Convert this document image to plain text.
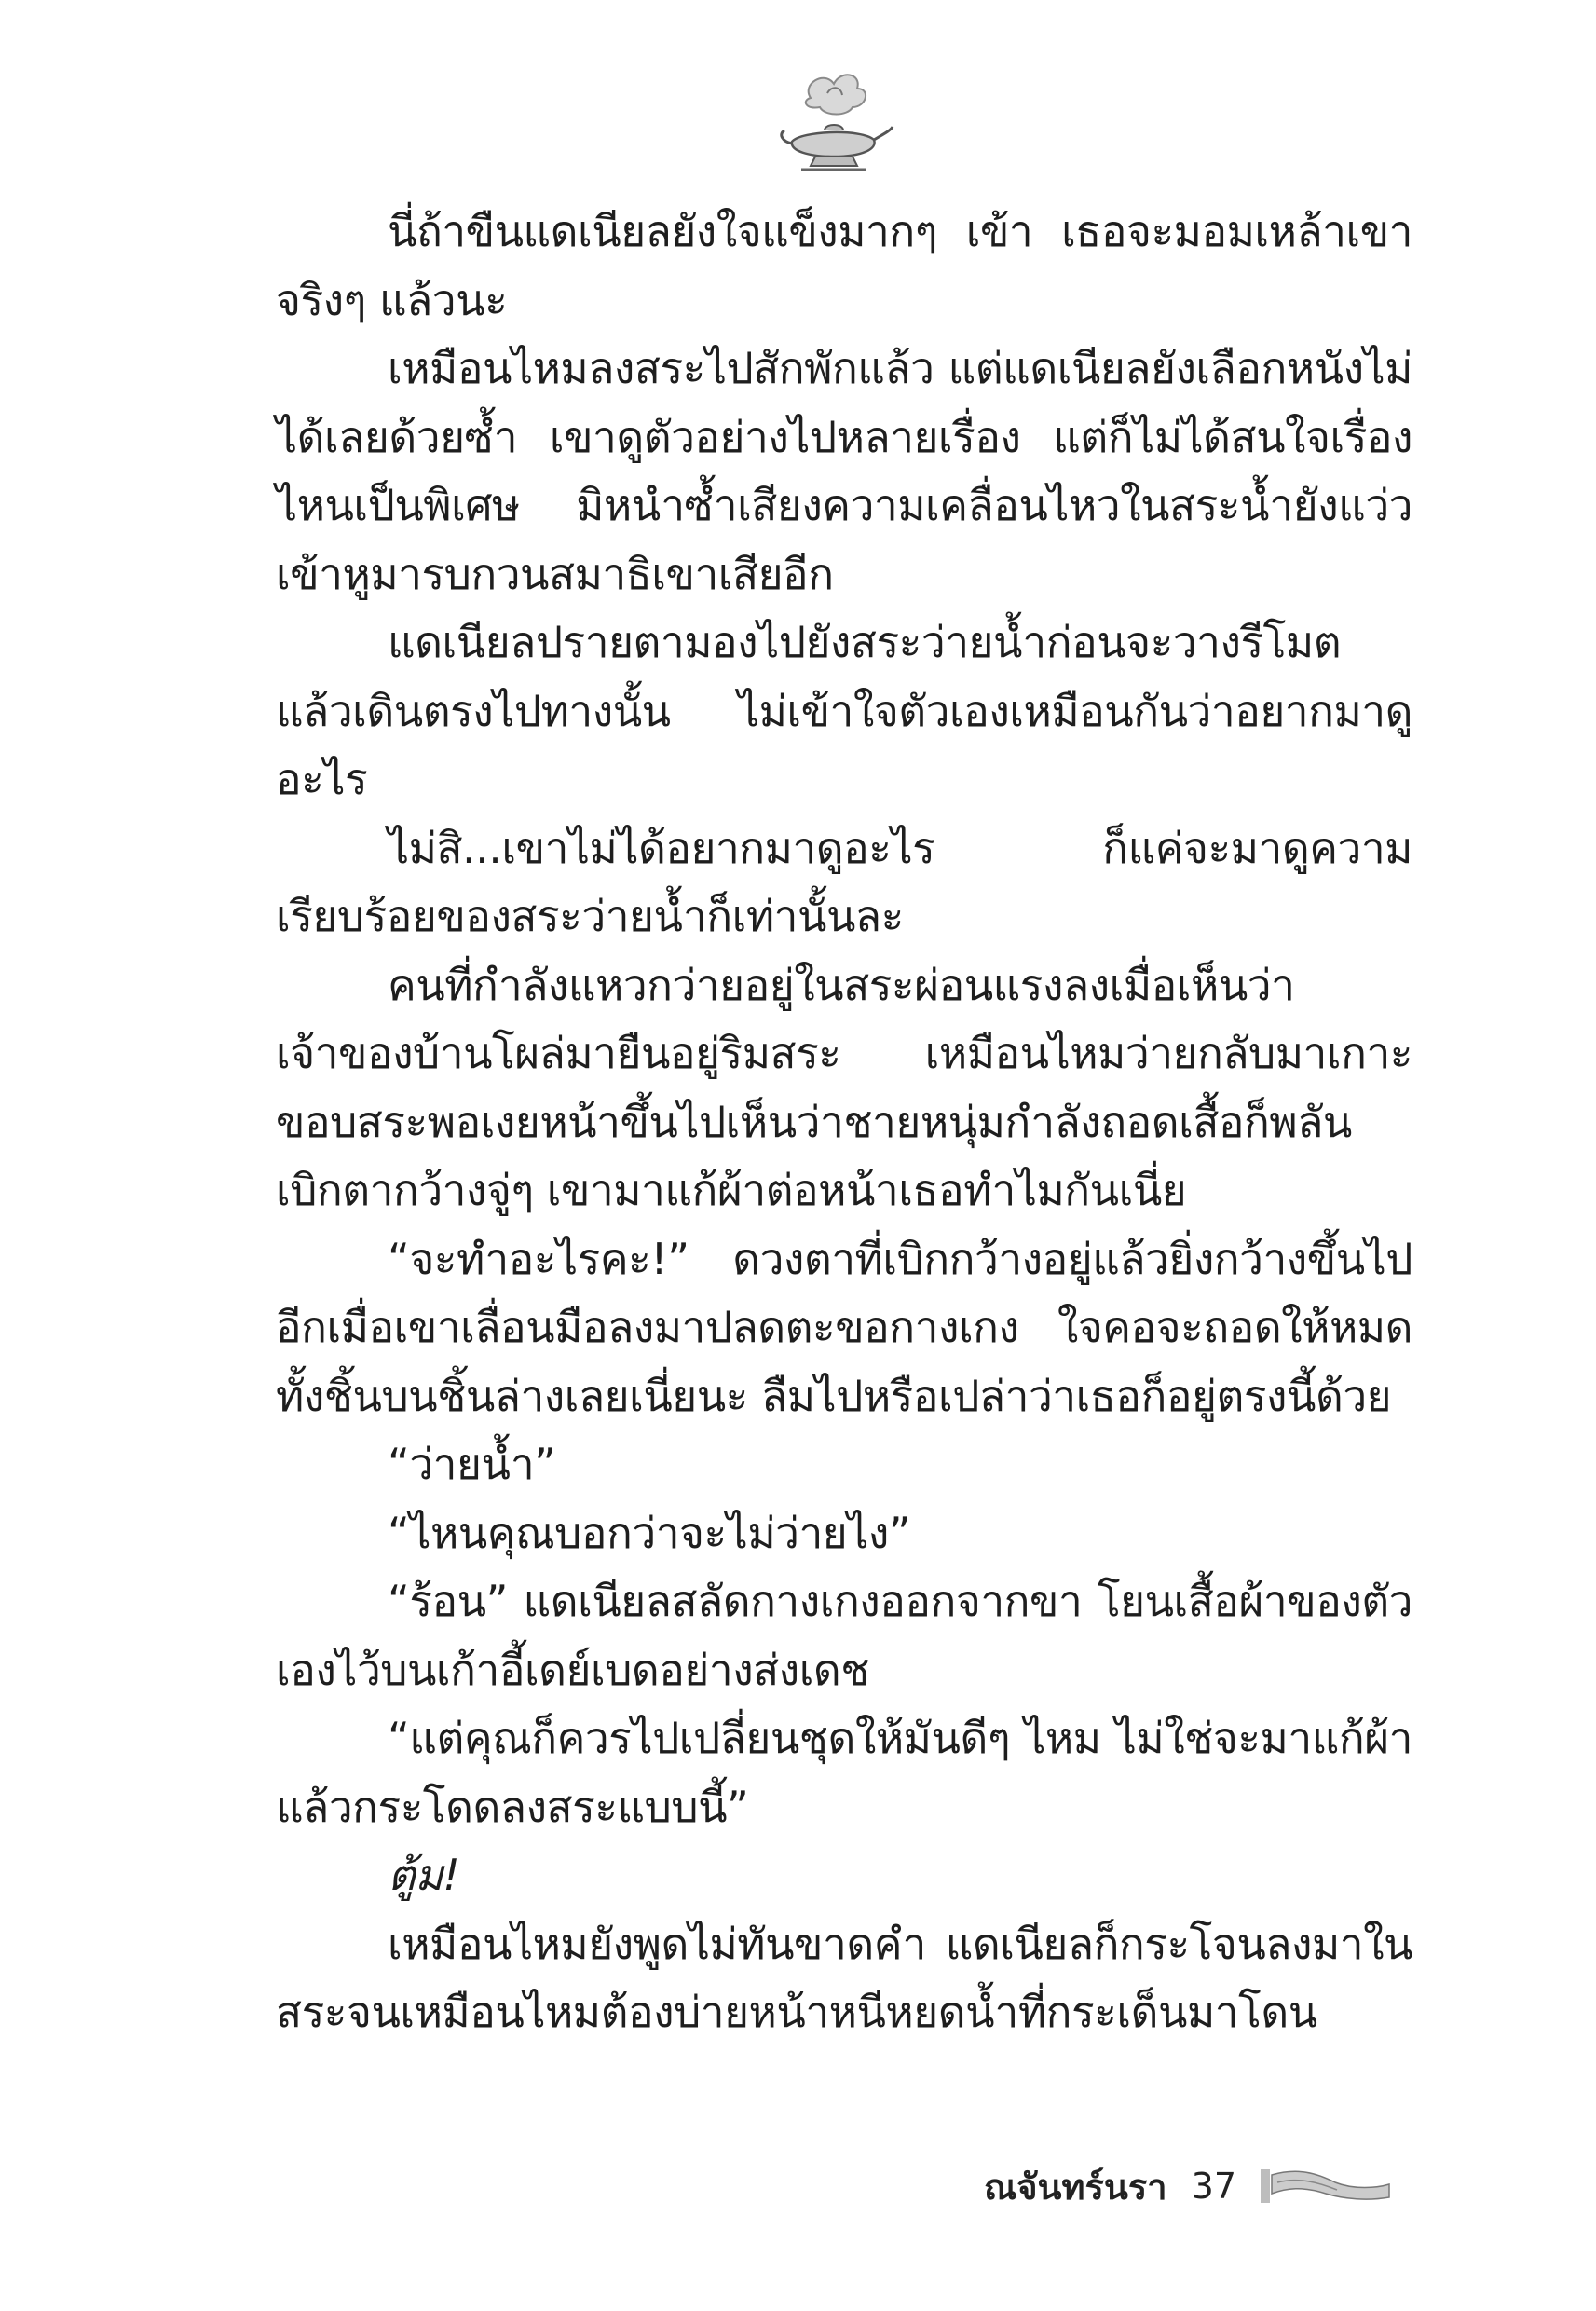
นี่ถ้าขืนแดเนียลยังใจแข็งมากๆ เข้า เธอจะมอมเหล้าเขาจริงๆ แล้วนะ

เหมือนไหมลงสระไปสักพักแล้ว แต่แดเนียลยังเลือกหนังไม่ได้เลยด้วยซ้ำ เขาดูตัวอย่างไปหลายเรื่อง แต่ก็ไม่ได้สนใจเรื่องไหนเป็นพิเศษ มิหนำซ้ำเสียงความเคลื่อนไหวในสระน้ำยังแว่วเข้าหูมารบกวนสมาธิเขาเสียอีก

แดเนียลปรายตามองไปยังสระว่ายน้ำก่อนจะวางรีโมตแล้วเดินตรงไปทางนั้น ไม่เข้าใจตัวเองเหมือนกันว่าอยากมาดูอะไร

ไม่สิ...เขาไม่ได้อยากมาดูอะไร ก็แค่จะมาดูความเรียบร้อยของสระว่ายน้ำก็เท่านั้นละ

คนที่กำลังแหวกว่ายอยู่ในสระผ่อนแรงลงเมื่อเห็นว่าเจ้าของบ้านโผล่มายืนอยู่ริมสระ เหมือนไหมว่ายกลับมาเกาะขอบสระพอเงยหน้าขึ้นไปเห็นว่าชายหนุ่มกำลังถอดเสื้อก็พลันเบิกตากว้างจู่ๆ เขามาแก้ผ้าต่อหน้าเธอทำไมกันเนี่ย

“จะทำอะไรคะ!” ดวงตาที่เบิกกว้างอยู่แล้วยิ่งกว้างขึ้นไปอีกเมื่อเขาเลื่อนมือลงมาปลดตะขอกางเกง ใจคอจะถอดให้หมดทั้งชิ้นบนชิ้นล่างเลยเนี่ยนะ ลืมไปหรือเปล่าว่าเธอก็อยู่ตรงนี้ด้วย

“ว่ายน้ำ”

“ไหนคุณบอกว่าจะไม่ว่ายไง”

“ร้อน” แดเนียลสลัดกางเกงออกจากขา โยนเสื้อผ้าของตัวเองไว้บนเก้าอี้เดย์เบดอย่างส่งเดช

“แต่คุณก็ควรไปเปลี่ยนชุดให้มันดีๆ ไหม ไม่ใช่จะมาแก้ผ้าแล้วกระโดดลงสระแบบนี้”

ตู้ม!

เหมือนไหมยังพูดไม่ทันขาดคำ แดเนียลก็กระโจนลงมาในสระจนเหมือนไหมต้องบ่ายหน้าหนีหยดน้ำที่กระเด็นมาโดน

ณจันทร์นรา 37
